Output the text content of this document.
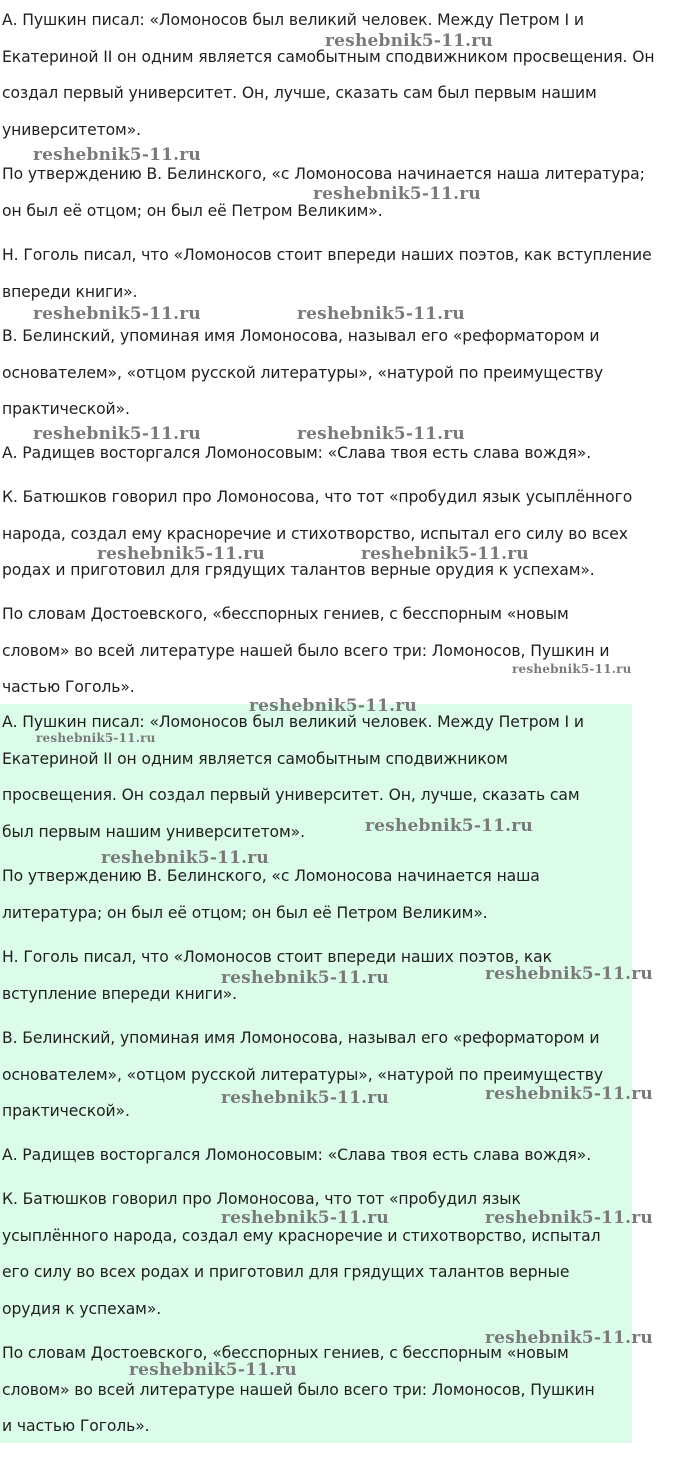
А. Пушкин писал: «Ломоносов был великий человек. Между Петром I и
Екатериной II он одним является самобытным сподвижником просвещения. Он
создал первый университет. Он, лучше, сказать сам был первым нашим
университетом».

По утверждению В. Белинского, «с Ломоносова начинается наша литература;
он был её отцом; он был её Петром Великим».

Н. Гоголь писал, что «Ломоносов стоит впереди наших поэтов, как вступление
впереди книги».

В. Белинский, упоминая имя Ломоносова, называл его «реформатором и
основателем», «отцом русской литературы», «натурой по преимуществу
практической».

А. Радищев восторгался Ломоносовым: «Слава твоя есть слава вождя».

К. Батюшков говорил про Ломоносова, что тот «пробудил язык усыплённого
народа, создал ему красноречие и стихотворство, испытал его силу во всех
родах и приготовил для грядущих талантов верные орудия к успехам».

По словам Достоевского, «бесспорных гениев, с бесспорным «новым
словом» во всей литературе нашей было всего три: Ломоносов, Пушкин и
частью Гоголь».

А. Пушкин писал: «Ломоносов был великий человек. Между Петром I и
Екатериной II он одним является самобытным сподвижником
просвещения. Он создал первый университет. Он, лучше, сказать сам
был первым нашим университетом».

По утверждению В. Белинского, «с Ломоносова начинается наша
литература; он был её отцом; он был её Петром Великим».

Н. Гоголь писал, что «Ломоносов стоит впереди наших поэтов, как
вступление впереди книги».

В. Белинский, упоминая имя Ломоносова, называл его «реформатором и
основателем», «отцом русской литературы», «натурой по преимуществу
практической».

А. Радищев восторгался Ломоносовым: «Слава твоя есть слава вождя».

К. Батюшков говорил про Ломоносова, что тот «пробудил язык
усыплённого народа, создал ему красноречие и стихотворство, испытал
его силу во всех родах и приготовил для грядущих талантов верные
орудия к успехам».

По словам Достоевского, «бесспорных гениев, с бесспорным «новым
словом» во всей литературе нашей было всего три: Ломоносов, Пушкин
и частью Гоголь».

reshebnik5-11.ru
reshebnik5-11.ru
reshebnik5-11.ru
reshebnik5-11.ru	reshebnik5-11.ru
reshebnik5-11.ru	reshebnik5-11.ru
reshebnik5-11.ru	reshebnik5-11.ru
reshebnik5-11.ru
reshebnik5-11.ru
reshebnik5-11.ru
reshebnik5-11.ru
reshebnik5-11.ru
reshebnik5-11.ru
reshebnik5-11.ru
reshebnik5-11.ru
reshebnik5-11.ru
reshebnik5-11.ru	reshebnik5-11.ru
reshebnik5-11.ru
reshebnik5-11.ru
